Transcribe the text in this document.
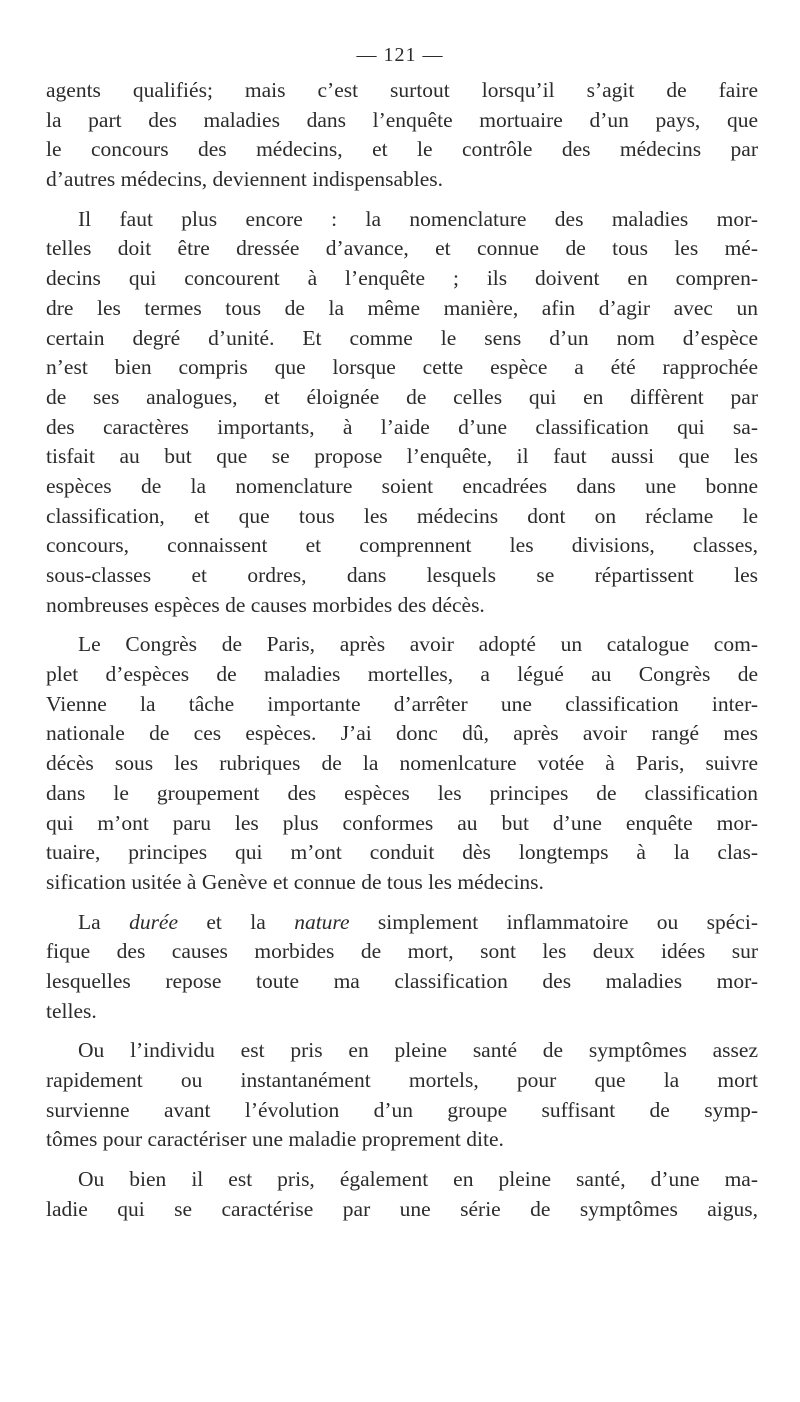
— 121 —
agents qualifiés; mais c’est surtout lorsqu’il s’agit de faire
la part des maladies dans l’enquête mortuaire d’un pays, que
le concours des médecins, et le contrôle des médecins par
d’autres médecins, deviennent indispensables.
Il faut plus encore : la nomenclature des maladies mor-
telles doit être dressée d’avance, et connue de tous les mé-
decins qui concourent à l’enquête ; ils doivent en compren-
dre les termes tous de la même manière, afin d’agir avec un
certain degré d’unité. Et comme le sens d’un nom d’espèce
n’est bien compris que lorsque cette espèce a été rapprochée
de ses analogues, et éloignée de celles qui en diffèrent par
des caractères importants, à l’aide d’une classification qui sa-
tisfait au but que se propose l’enquête, il faut aussi que les
espèces de la nomenclature soient encadrées dans une bonne
classification, et que tous les médecins dont on réclame le
concours, connaissent et comprennent les divisions, classes,
sous-classes et ordres, dans lesquels se répartissent les
nombreuses espèces de causes morbides des décès.
Le Congrès de Paris, après avoir adopté un catalogue com-
plet d’espèces de maladies mortelles, a légué au Congrès de
Vienne la tâche importante d’arrêter une classification inter-
nationale de ces espèces. J’ai donc dû, après avoir rangé mes
décès sous les rubriques de la nomenlcature votée à Paris, suivre
dans le groupement des espèces les principes de classification
qui m’ont paru les plus conformes au but d’une enquête mor-
tuaire, principes qui m’ont conduit dès longtemps à la clas-
sification usitée à Genève et connue de tous les médecins.
La durée et la nature simplement inflammatoire ou spéci-
fique des causes morbides de mort, sont les deux idées sur
lesquelles repose toute ma classification des maladies mor-
telles.
Ou l’individu est pris en pleine santé de symptômes assez
rapidement ou instantanément mortels, pour que la mort
survienne avant l’évolution d’un groupe suffisant de symp-
tômes pour caractériser une maladie proprement dite.
Ou bien il est pris, également en pleine santé, d’une ma-
ladie qui se caractérise par une série de symptômes aigus,
